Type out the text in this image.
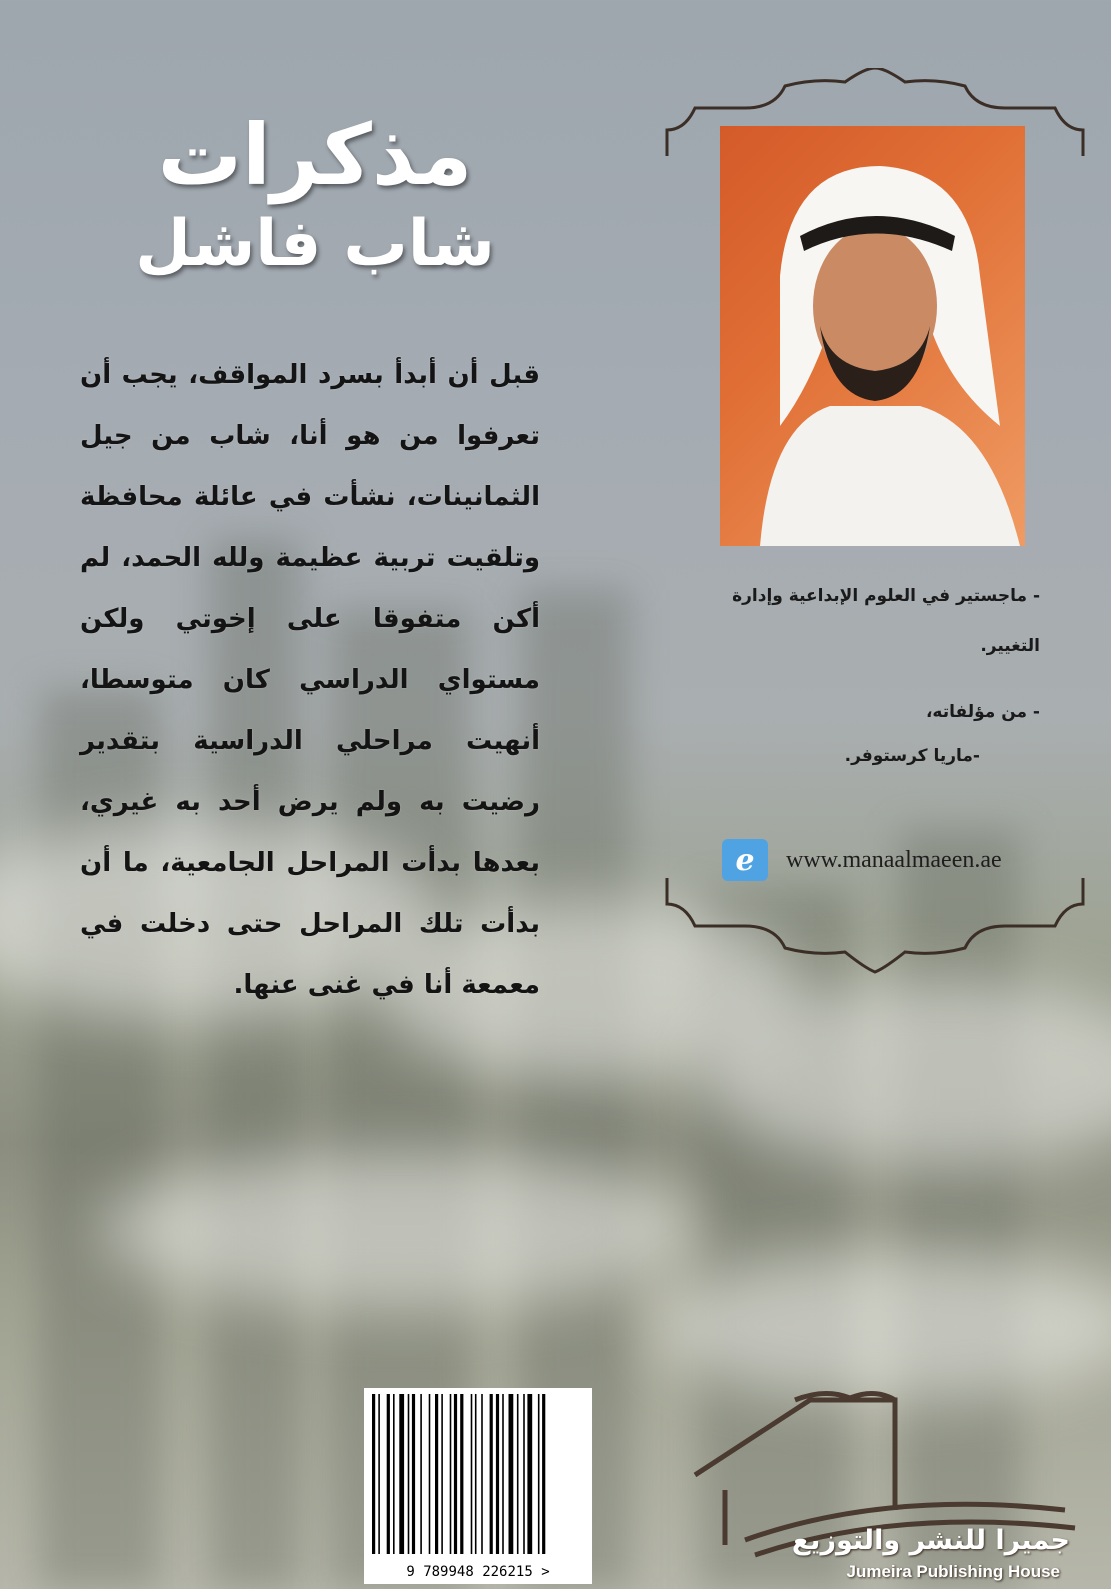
مذكرات
شاب فاشل
قبل أن أبدأ بسرد المواقف، يجب أن تعرفوا من هو أنا، شاب من جيل الثمانينات، نشأت في عائلة محافظة وتلقيت تربية عظيمة ولله الحمد، لم أكن متفوقا على إخوتي ولكن مستواي الدراسي كان متوسطا، أنهيت مراحلي الدراسية بتقدير رضيت به ولم يرض أحد به غيري، بعدها بدأت المراحل الجامعية، ما أن بدأت تلك المراحل حتى دخلت في معمعة أنا في غنى عنها.

- ماجستير في العلوم الإبداعية وإدارة

التغيير.

- من مؤلفاته،

-ماريا كرستوفر.

e	www.manaalmaeen.ae
9 789948 226215 >
جميرا للنشر والتوزيع
Jumeira Publishing House
